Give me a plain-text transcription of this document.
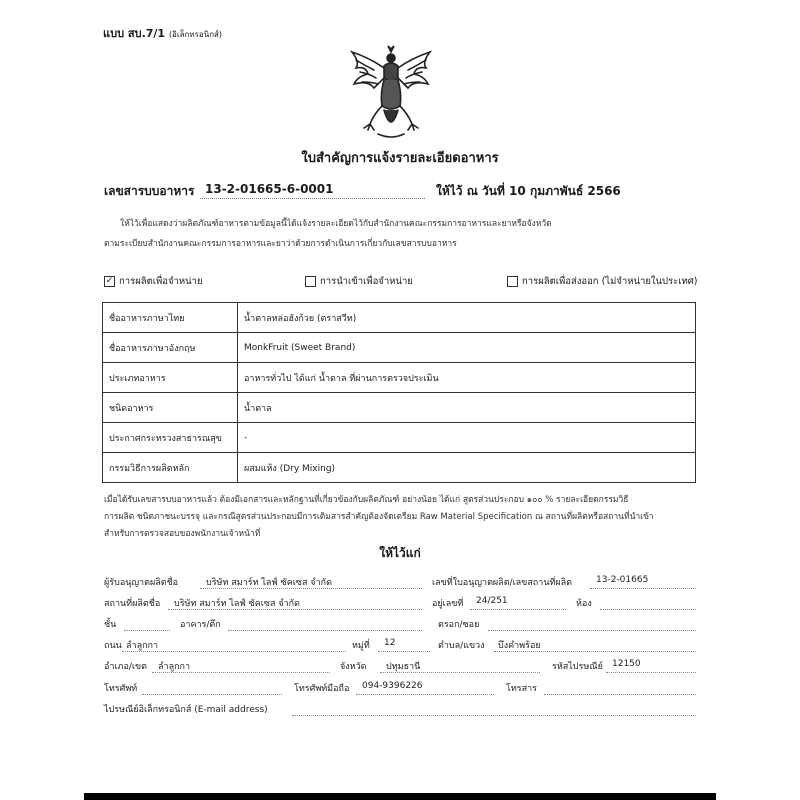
แบบ สบ.7/1 (อิเล็กทรอนิกส์)
ใบสำคัญการแจ้งรายละเอียดอาหาร
เลขสารบบอาหาร 13-2-01665-6-0001	ให้ไว้ ณ วันที่ 10 กุมภาพันธ์ 2566
ให้ไว้เพื่อแสดงว่าผลิตภัณฑ์อาหารตามข้อมูลนี้ได้แจ้งรายละเอียดไว้กับสำนักงานคณะกรรมการอาหารและยาหรือจังหวัด
ตามระเบียบสำนักงานคณะกรรมการอาหารและยาว่าด้วยการดำเนินการเกี่ยวกับเลขสารบบอาหาร
✓ การผลิตเพื่อจำหน่าย	การนำเข้าเพื่อจำหน่าย	การผลิตเพื่อส่งออก (ไม่จำหน่ายในประเทศ)
ชื่ออาหารภาษาไทย	น้ำตาลหล่อฮังก้วย (ตราสวีท)
ชื่ออาหารภาษาอังกฤษ	MonkFruit (Sweet Brand)
ประเภทอาหาร	อาหารทั่วไป ได้แก่ น้ำตาล ที่ผ่านการตรวจประเมิน
ชนิดอาหาร	น้ำตาล
ประกาศกระทรวงสาธารณสุข	-
กรรมวิธีการผลิตหลัก	ผสมแห้ง (Dry Mixing)
เมื่อได้รับเลขสารบบอาหารแล้ว ต้องมีเอกสารและหลักฐานที่เกี่ยวข้องกับผลิตภัณฑ์ อย่างน้อย ได้แก่ สูตรส่วนประกอบ ๑๐๐ % รายละเอียดกรรมวิธี
การผลิต ชนิดภาชนะบรรจุ และกรณีสูตรส่วนประกอบมีการเติมสารสำคัญต้องจัดเตรียม Raw Material Specification ณ สถานที่ผลิตหรือสถานที่นำเข้า
สำหรับการตรวจสอบของพนักงานเจ้าหน้าที่
ให้ไว้แก่
ผู้รับอนุญาตผลิตชื่อ	บริษัท สมาร์ท ไลฟ์ ซัคเซส จำกัด	เลขที่ใบอนุญาตผลิต/เลขสถานที่ผลิต	13-2-01665
สถานที่ผลิตชื่อ บริษัท สมาร์ท ไลฟ์ ซัคเซส จำกัด	อยู่เลขที่ 24/251	ห้อง
ชั้น	อาคาร/ตึก	ตรอก/ซอย
ถนน ลำลูกกา	หมู่ที่ 12	ตำบล/แขวง บึงคำพร้อย
อำเภอ/เขต ลำลูกกา	จังหวัด ปทุมธานี	รหัสไปรษณีย์ 12150
โทรศัพท์	โทรศัพท์มือถือ 094-9396226	โทรสาร
ไปรษณีย์อิเล็กทรอนิกส์ (E-mail address)
